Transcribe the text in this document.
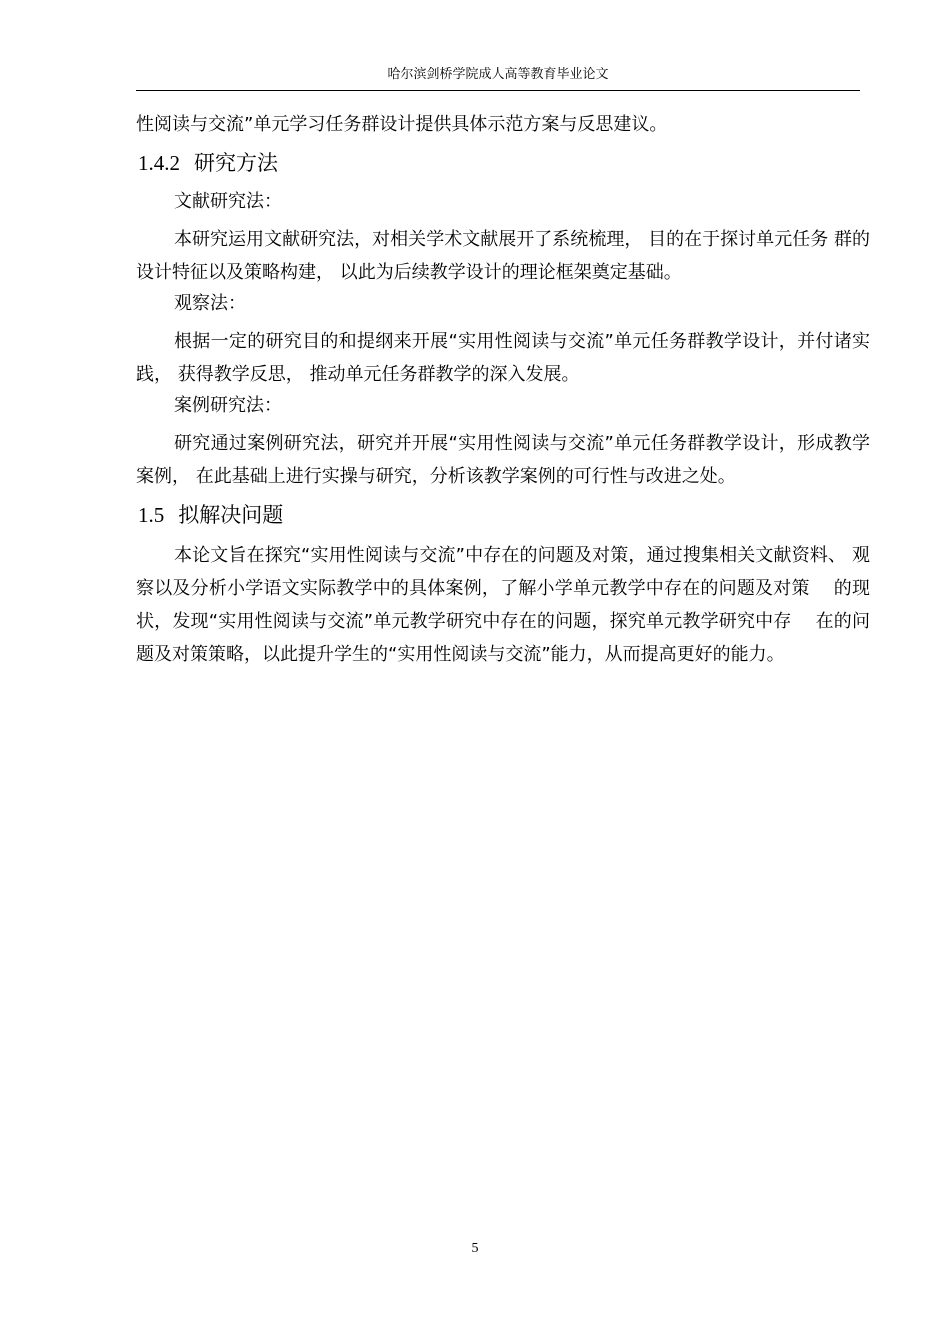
哈尔滨剑桥学院成人高等教育毕业论文

性阅读与交流”单元学习任务群设计提供具体示范方案与反思建议。

1.4.2 研究方法
文献研究法：

本研究运用文献研究法，对相关学术文献展开了系统梳理， 目的在于探讨单元任务 群的设计特征以及策略构建， 以此为后续教学设计的理论框架奠定基础。

观察法：

根据一定的研究目的和提纲来开展“实用性阅读与交流”单元任务群教学设计，并付诸实践， 获得教学反思， 推动单元任务群教学的深入发展。

案例研究法：

研究通过案例研究法，研究并开展“实用性阅读与交流”单元任务群教学设计，形成教学案例， 在此基础上进行实操与研究，分析该教学案例的可行性与改进之处。

1.5 拟解决问题

本论文旨在探究“实用性阅读与交流”中存在的问题及对策，通过搜集相关文献资料、 观察以及分析小学语文实际教学中的具体案例，了解小学单元教学中存在的问题及对策　 的现状，发现“实用性阅读与交流”单元教学研究中存在的问题，探究单元教学研究中存　 在的问题及对策策略，以此提升学生的“实用性阅读与交流”能力，从而提高更好的能力。

5
